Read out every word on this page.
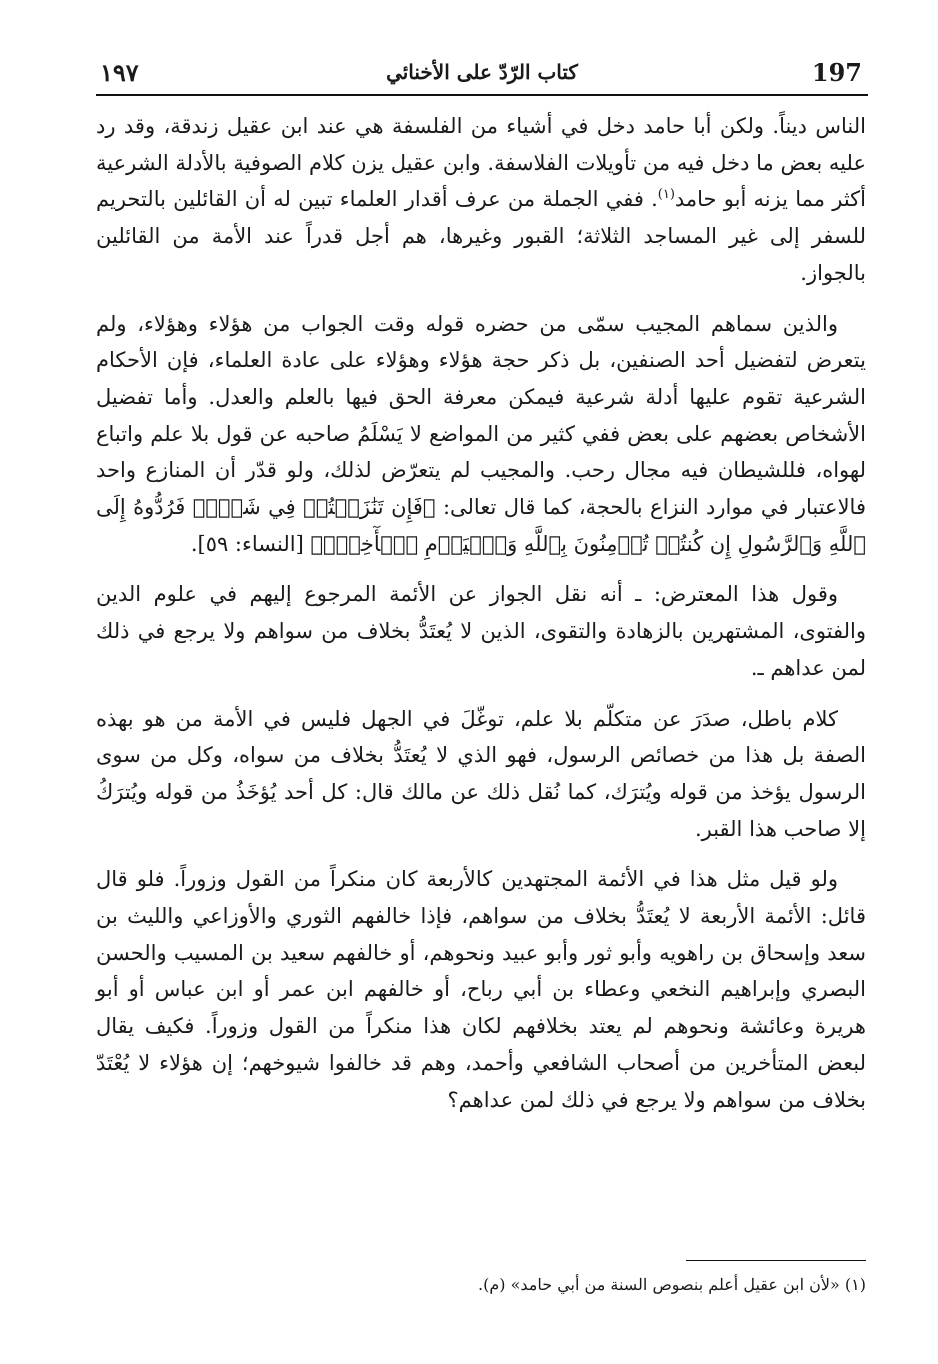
197
كتاب الرّدّ على الأخنائي
١٩٧

الناس ديناً. ولكن أبا حامد دخل في أشياء من الفلسفة هي عند ابن عقيل زندقة، وقد رد عليه بعض ما دخل فيه من تأويلات الفلاسفة. وابن عقيل يزن كلام الصوفية بالأدلة الشرعية أكثر مما يزنه أبو حامد$^{(١)}$. ففي الجملة من عرف أقدار العلماء تبين له أن القائلين بالتحريم للسفر إلى غير المساجد الثلاثة؛ القبور وغيرها، هم أجل قدراً عند الأمة من القائلين بالجواز.

والذين سماهم المجيب سمّى من حضره قوله وقت الجواب من هؤلاء وهؤلاء، ولم يتعرض لتفضيل أحد الصنفين، بل ذكر حجة هؤلاء وهؤلاء على عادة العلماء، فإن الأحكام الشرعية تقوم عليها أدلة شرعية فيمكن معرفة الحق فيها بالعلم والعدل. وأما تفضيل الأشخاص بعضهم على بعض ففي كثير من المواضع لا يَسْلَمُ صاحبه عن قول بلا علم واتباع لهواه، فللشيطان فيه مجال رحب. والمجيب لم يتعرّض لذلك، ولو قدّر أن المنازع واحد فالاعتبار في موارد النزاع بالحجة، كما قال تعالى: ﴿فَإِن تَنَٰزَعۡتُمۡ فِي شَيۡءٖ فَرُدُّوهُ إِلَى ٱللَّهِ وَٱلرَّسُولِ إِن كُنتُمۡ تُؤۡمِنُونَ بِٱللَّهِ وَٱلۡيَوۡمِ ٱلۡأٓخِرِۚ﴾ [النساء: ٥٩].

وقول هذا المعترض: ـ أنه نقل الجواز عن الأئمة المرجوع إليهم في علوم الدين والفتوى، المشتهرين بالزهادة والتقوى، الذين لا يُعتَدُّ بخلاف من سواهم ولا يرجع في ذلك لمن عداهم ـ.

كلام باطل، صدَرَ عن متكلّم بلا علم، توغّلَ في الجهل فليس في الأمة من هو بهذه الصفة بل هذا من خصائص الرسول، فهو الذي لا يُعتَدُّ بخلاف من سواه، وكل من سوى الرسول يؤخذ من قوله ويُترَك، كما نُقل ذلك عن مالك قال: كل أحد يُؤخَذُ من قوله ويُترَكُ إلا صاحب هذا القبر.

ولو قيل مثل هذا في الأئمة المجتهدين كالأربعة كان منكراً من القول وزوراً. فلو قال قائل: الأئمة الأربعة لا يُعتَدُّ بخلاف من سواهم، فإذا خالفهم الثوري والأوزاعي والليث بن سعد وإسحاق بن راهويه وأبو ثور وأبو عبيد ونحوهم، أو خالفهم سعيد بن المسيب والحسن البصري وإبراهيم النخعي وعطاء بن أبي رباح، أو خالفهم ابن عمر أو ابن عباس أو أبو هريرة وعائشة ونحوهم لم يعتد بخلافهم لكان هذا منكراً من القول وزوراً. فكيف يقال لبعض المتأخرين من أصحاب الشافعي وأحمد، وهم قد خالفوا شيوخهم؛ إن هؤلاء لا يُعْتَدّ بخلاف من سواهم ولا يرجع في ذلك لمن عداهم؟

(١) «لأن ابن عقيل أعلم بنصوص السنة من أبي حامد» (م).
